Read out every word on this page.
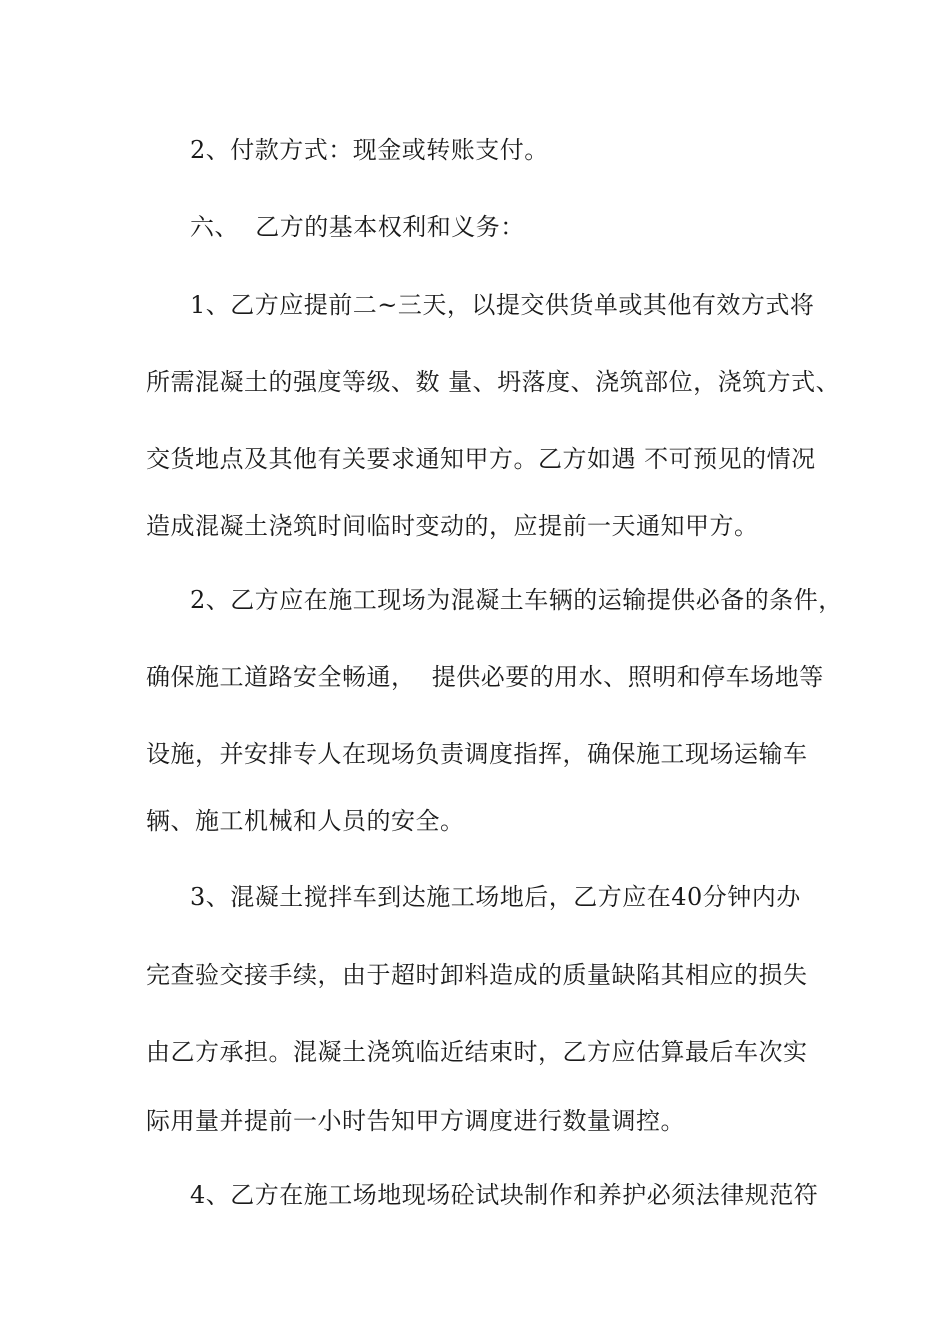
2、付款方式：现金或转账支付。
六、  乙方的基本权利和义务：
1、乙方应提前二~三天，以提交供货单或其他有效方式将
所需混凝土的强度等级、数 量、坍落度、浇筑部位，浇筑方式、
交货地点及其他有关要求通知甲方。乙方如遇 不可预见的情况
造成混凝土浇筑时间临时变动的，应提前一天通知甲方。
2、乙方应在施工现场为混凝土车辆的运输提供必备的条件，
确保施工道路安全畅通，  提供必要的用水、照明和停车场地等
设施，并安排专人在现场负责调度指挥，确保施工现场运输车
辆、施工机械和人员的安全。
3、混凝土搅拌车到达施工场地后，乙方应在40分钟内办
完查验交接手续，由于超时卸料造成的质量缺陷其相应的损失
由乙方承担。混凝土浇筑临近结束时，乙方应估算最后车次实
际用量并提前一小时告知甲方调度进行数量调控。
4、乙方在施工场地现场砼试块制作和养护必须法律规范符
